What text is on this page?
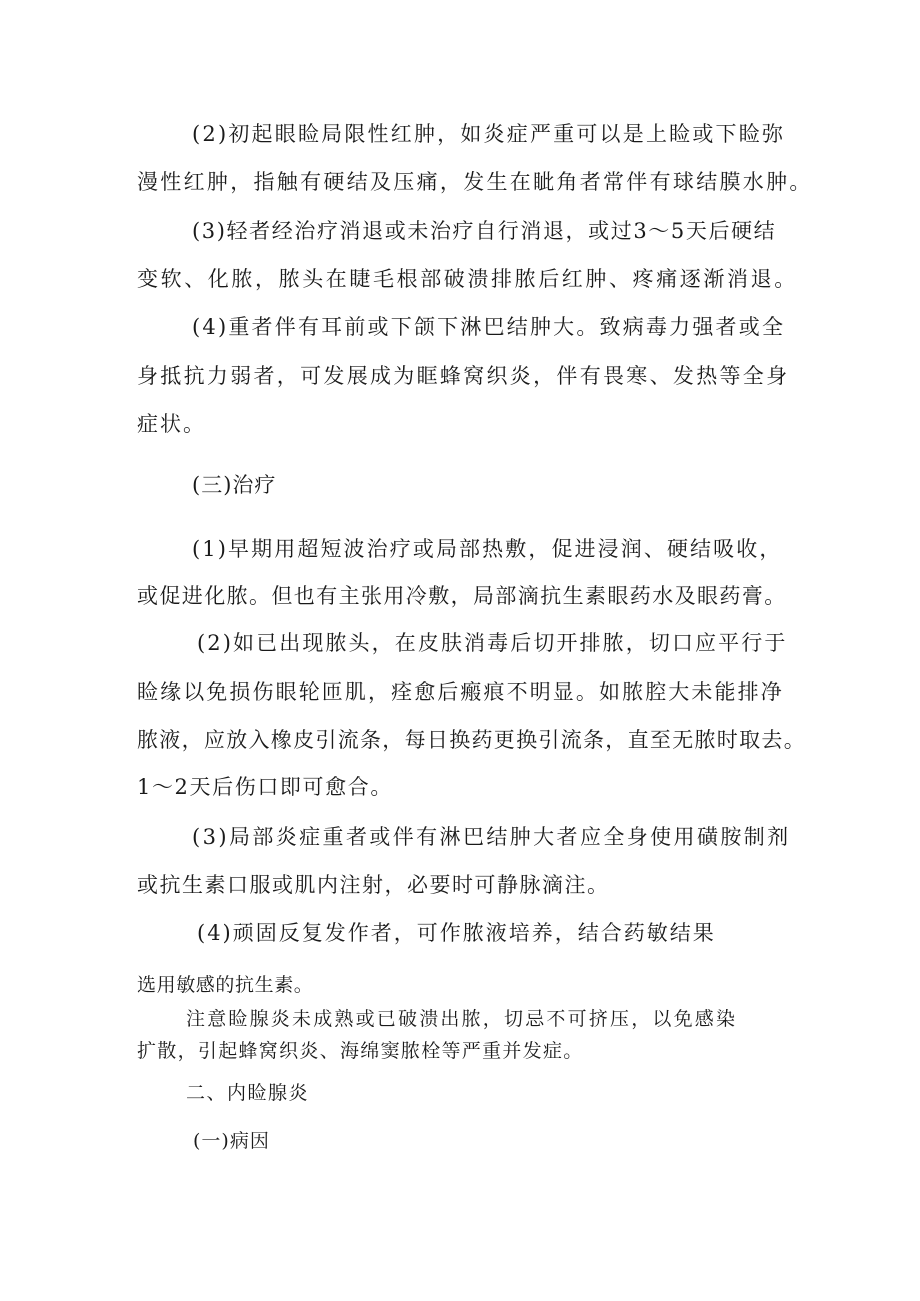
(2)初起眼睑局限性红肿，如炎症严重可以是上睑或下睑弥
漫性红肿，指触有硬结及压痛，发生在眦角者常伴有球结膜水肿。
(3)轻者经治疗消退或未治疗自行消退，或过3～5天后硬结
变软、化脓，脓头在睫毛根部破溃排脓后红肿、疼痛逐渐消退。
(4)重者伴有耳前或下颌下淋巴结肿大。致病毒力强者或全
身抵抗力弱者，可发展成为眶蜂窝织炎，伴有畏寒、发热等全身
症状。
(三)治疗
(1)早期用超短波治疗或局部热敷，促进浸润、硬结吸收，
或促进化脓。但也有主张用冷敷，局部滴抗生素眼药水及眼药膏。
(2)如已出现脓头，在皮肤消毒后切开排脓，切口应平行于
睑缘以免损伤眼轮匝肌，痊愈后瘢痕不明显。如脓腔大未能排净
脓液，应放入橡皮引流条，每日换药更换引流条，直至无脓时取去。
1～2天后伤口即可愈合。
(3)局部炎症重者或伴有淋巴结肿大者应全身使用磺胺制剂
或抗生素口服或肌内注射，必要时可静脉滴注。
(4)顽固反复发作者，可作脓液培养，结合药敏结果
选用敏感的抗生素。
注意睑腺炎未成熟或已破溃出脓，切忌不可挤压，以免感染
扩散，引起蜂窝织炎、海绵窦脓栓等严重并发症。
二、内睑腺炎
(一)病因
